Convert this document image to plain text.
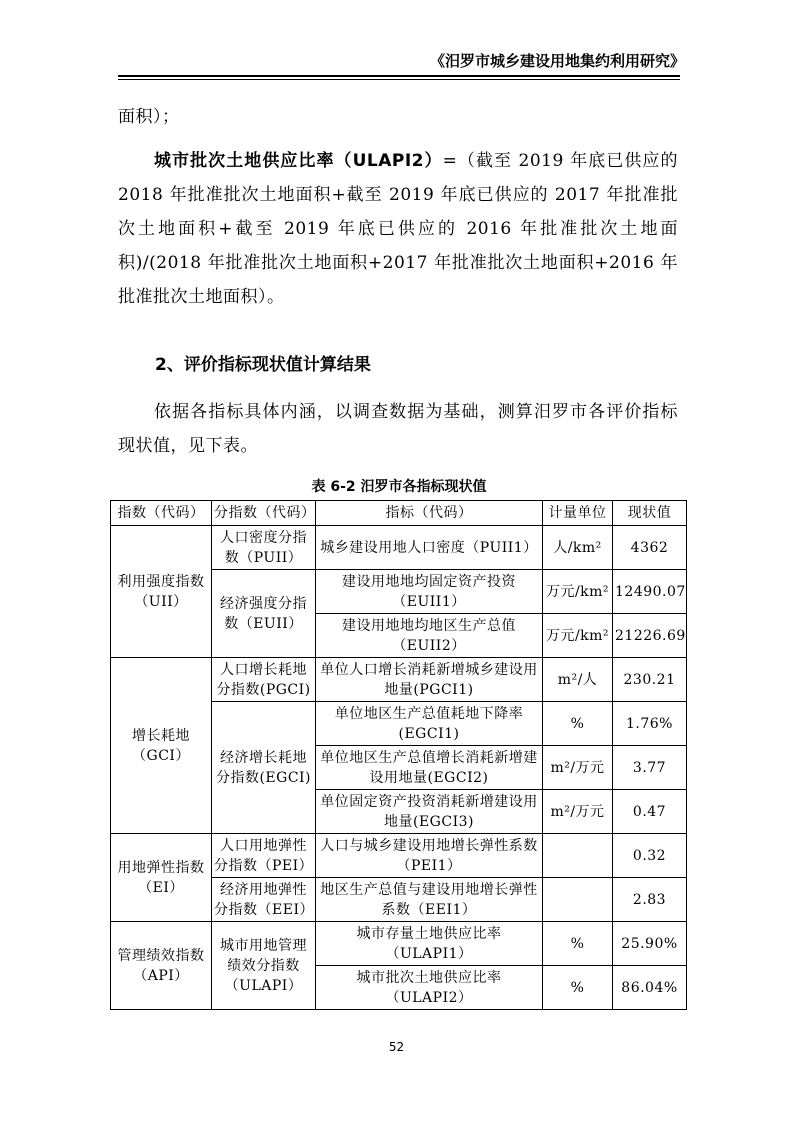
《汨罗市城乡建设用地集约利用研究》

面积）；

城市批次土地供应比率（ULAPI2）=（截至 2019 年底已供应的 2018 年批准批次土地面积+截至 2019 年底已供应的 2017 年批准批次土地面积+截至 2019 年底已供应的 2016 年批准批次土地面积)/(2018 年批准批次土地面积+2017 年批准批次土地面积+2016 年批准批次土地面积）。

2、评价指标现状值计算结果

依据各指标具体内涵，以调查数据为基础，测算汨罗市各评价指标现状值，见下表。

表 6-2 汨罗市各指标现状值
指数（代码）	分指数（代码）	指标（代码）	计量单位	现状值
利用强度指数（UII）	人口密度分指数（PUII）	城乡建设用地人口密度（PUII1）	人/km²	4362
	经济强度分指数（EUII）	建设用地地均固定资产投资（EUII1）	万元/km²	12490.07
		建设用地地均地区生产总值（EUII2）	万元/km²	21226.69
增长耗地（GCI）	人口增长耗地分指数(PGCI)	单位人口增长消耗新增城乡建设用地量(PGCI1)	m²/人	230.21
	经济增长耗地分指数(EGCI)	单位地区生产总值耗地下降率(EGCI1)	%	1.76%
		单位地区生产总值增长消耗新增建设用地量(EGCI2)	m²/万元	3.77
		单位固定资产投资消耗新增建设用地量(EGCI3)	m²/万元	0.47
用地弹性指数（EI）	人口用地弹性分指数（PEI）	人口与城乡建设用地增长弹性系数（PEI1）		0.32
	经济用地弹性分指数（EEI）	地区生产总值与建设用地增长弹性系数（EEI1）		2.83
管理绩效指数（API）	城市用地管理绩效分指数（ULAPI）	城市存量土地供应比率（ULAPI1）	%	25.90%
		城市批次土地供应比率（ULAPI2）	%	86.04%
52
